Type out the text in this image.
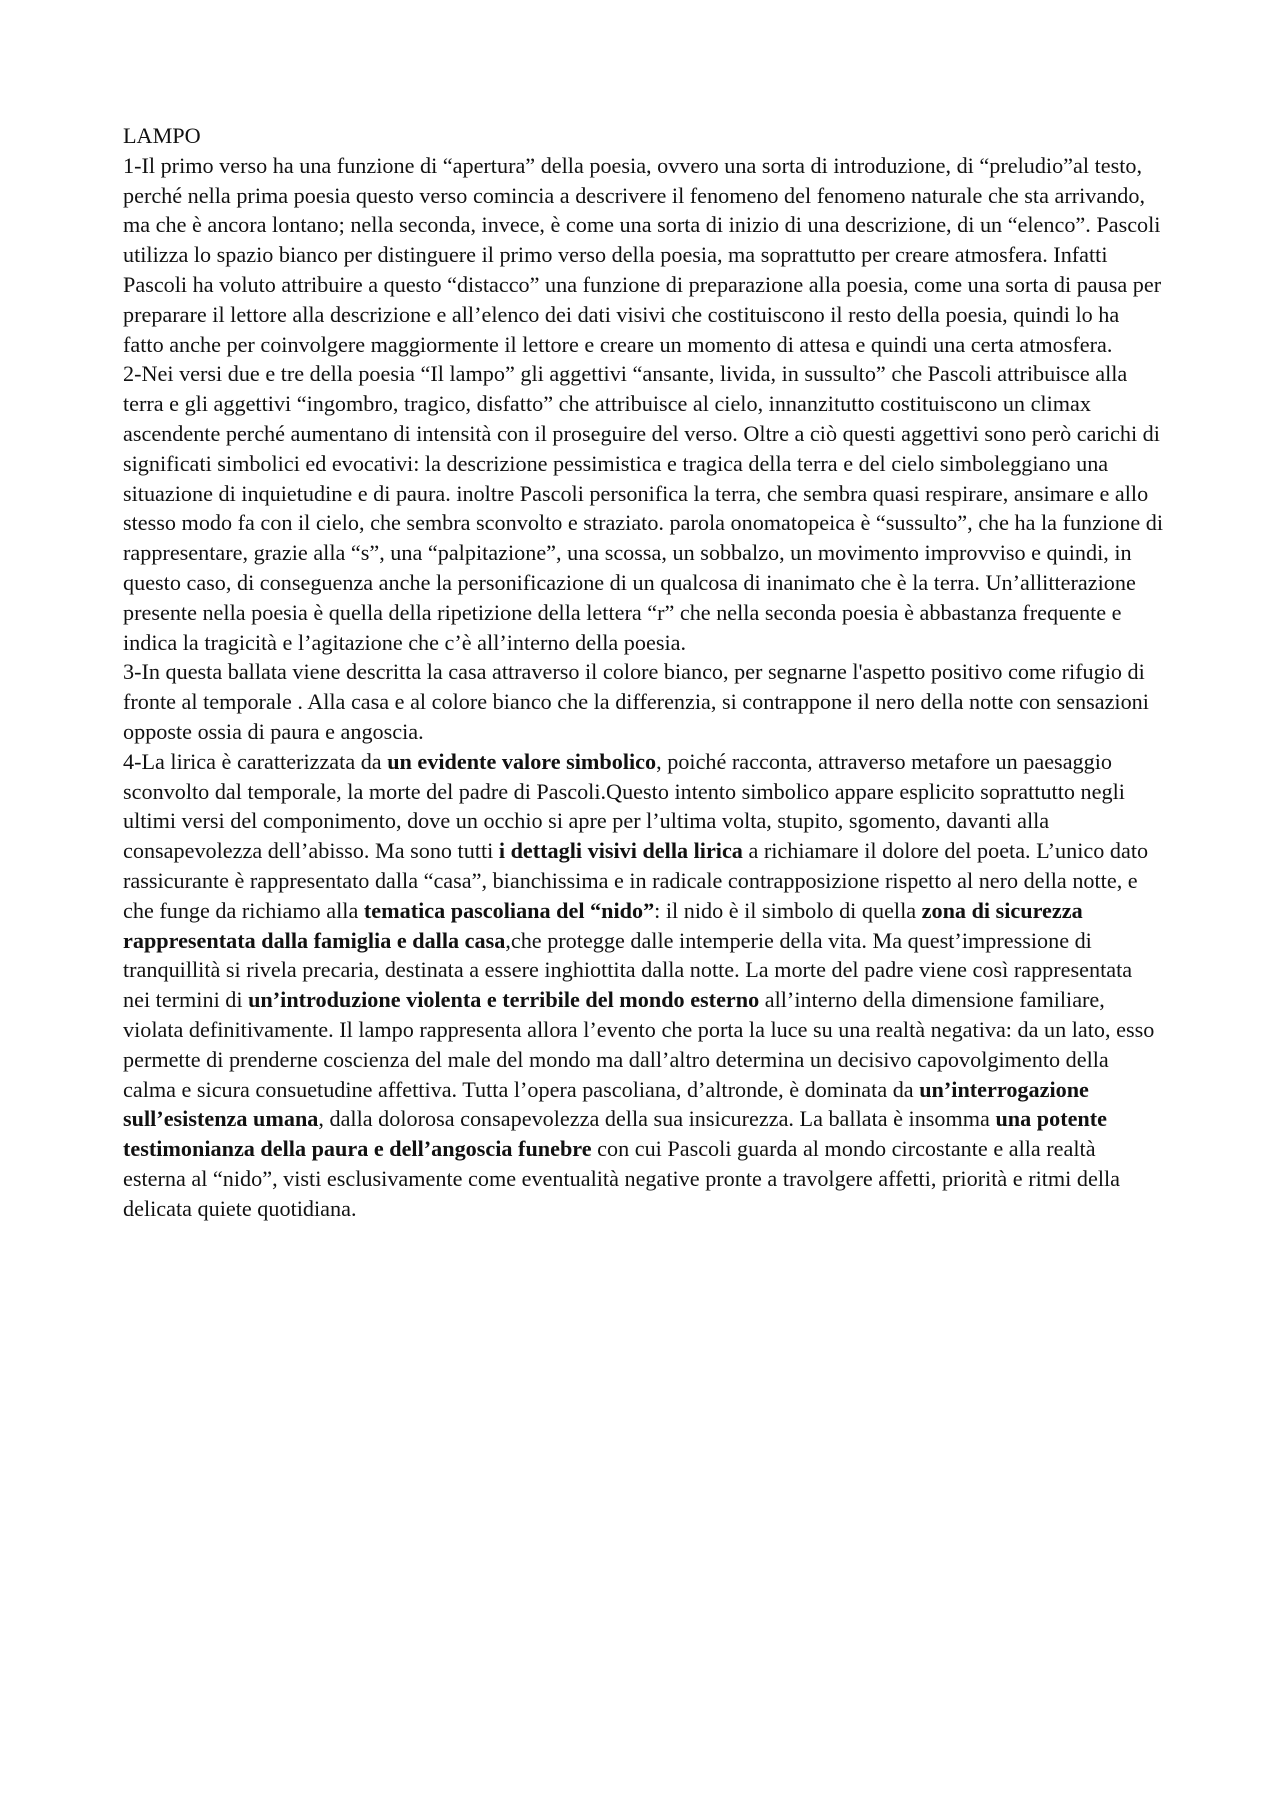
LAMPO

1-Il primo verso ha una funzione di “apertura” della poesia, ovvero una sorta di introduzione, di “preludio”al testo, perché nella prima poesia questo verso comincia a descrivere il fenomeno del fenomeno naturale che sta arrivando, ma che è ancora lontano; nella seconda, invece, è come una sorta di inizio di una descrizione, di un “elenco”. Pascoli utilizza lo spazio bianco per distinguere il primo verso della poesia, ma soprattutto per creare atmosfera. Infatti Pascoli ha voluto attribuire a questo “distacco” una funzione di preparazione alla poesia, come una sorta di pausa per preparare il lettore alla descrizione e all’elenco dei dati visivi che costituiscono il resto della poesia, quindi lo ha fatto anche per coinvolgere maggiormente il lettore e creare un momento di attesa e quindi una certa atmosfera.

2-Nei versi due e tre della poesia “Il lampo” gli aggettivi “ansante, livida, in sussulto” che Pascoli attribuisce alla terra e gli aggettivi “ingombro, tragico, disfatto” che attribuisce al cielo, innanzitutto costituiscono un climax ascendente perché aumentano di intensità con il proseguire del verso. Oltre a ciò questi aggettivi sono però carichi di significati simbolici ed evocativi: la descrizione pessimistica e tragica della terra e del cielo simboleggiano una situazione di inquietudine e di paura. inoltre Pascoli personifica la terra, che sembra quasi respirare, ansimare e allo stesso modo fa con il cielo, che sembra sconvolto e straziato. parola onomatopeica è “sussulto”, che ha la funzione di rappresentare, grazie alla “s”, una “palpitazione”, una scossa, un sobbalzo, un movimento improvviso e quindi, in questo caso, di conseguenza anche la personificazione di un qualcosa di inanimato che è la terra. Un’allitterazione presente nella poesia è quella della ripetizione della lettera “r” che nella seconda poesia è abbastanza frequente e indica la tragicità e l’agitazione che c’è all’interno della poesia.

3-In questa ballata viene descritta la casa attraverso il colore bianco, per segnarne l'aspetto positivo come rifugio di fronte al temporale . Alla casa e al colore bianco che la differenzia, si contrappone il nero della notte con sensazioni opposte ossia di paura e angoscia.

4-La lirica è caratterizzata da un evidente valore simbolico, poiché racconta, attraverso metafore un paesaggio sconvolto dal temporale, la morte del padre di Pascoli.Questo intento simbolico appare esplicito soprattutto negli ultimi versi del componimento, dove un occhio si apre per l’ultima volta, stupito, sgomento, davanti alla consapevolezza dell’abisso. Ma sono tutti i dettagli visivi della lirica a richiamare il dolore del poeta. L’unico dato rassicurante è rappresentato dalla “casa”, bianchissima e in radicale contrapposizione rispetto al nero della notte, e che funge da richiamo alla tematica pascoliana del “nido”: il nido è il simbolo di quella zona di sicurezza rappresentata dalla famiglia e dalla casa,che protegge dalle intemperie della vita. Ma quest’impressione di tranquillità si rivela precaria, destinata a essere inghiottita dalla notte. La morte del padre viene così rappresentata nei termini di un’introduzione violenta e terribile del mondo esterno all’interno della dimensione familiare, violata definitivamente. Il lampo rappresenta allora l’evento che porta la luce su una realtà negativa: da un lato, esso permette di prenderne coscienza del male del mondo ma dall’altro determina un decisivo capovolgimento della calma e sicura consuetudine affettiva. Tutta l’opera pascoliana, d’altronde, è dominata da un’interrogazione sull’esistenza umana, dalla dolorosa consapevolezza della sua insicurezza. La ballata è insomma una potente testimonianza della paura e dell’angoscia funebre con cui Pascoli guarda al mondo circostante e alla realtà esterna al “nido”, visti esclusivamente come eventualità negative pronte a travolgere affetti, priorità e ritmi della delicata quiete quotidiana.
